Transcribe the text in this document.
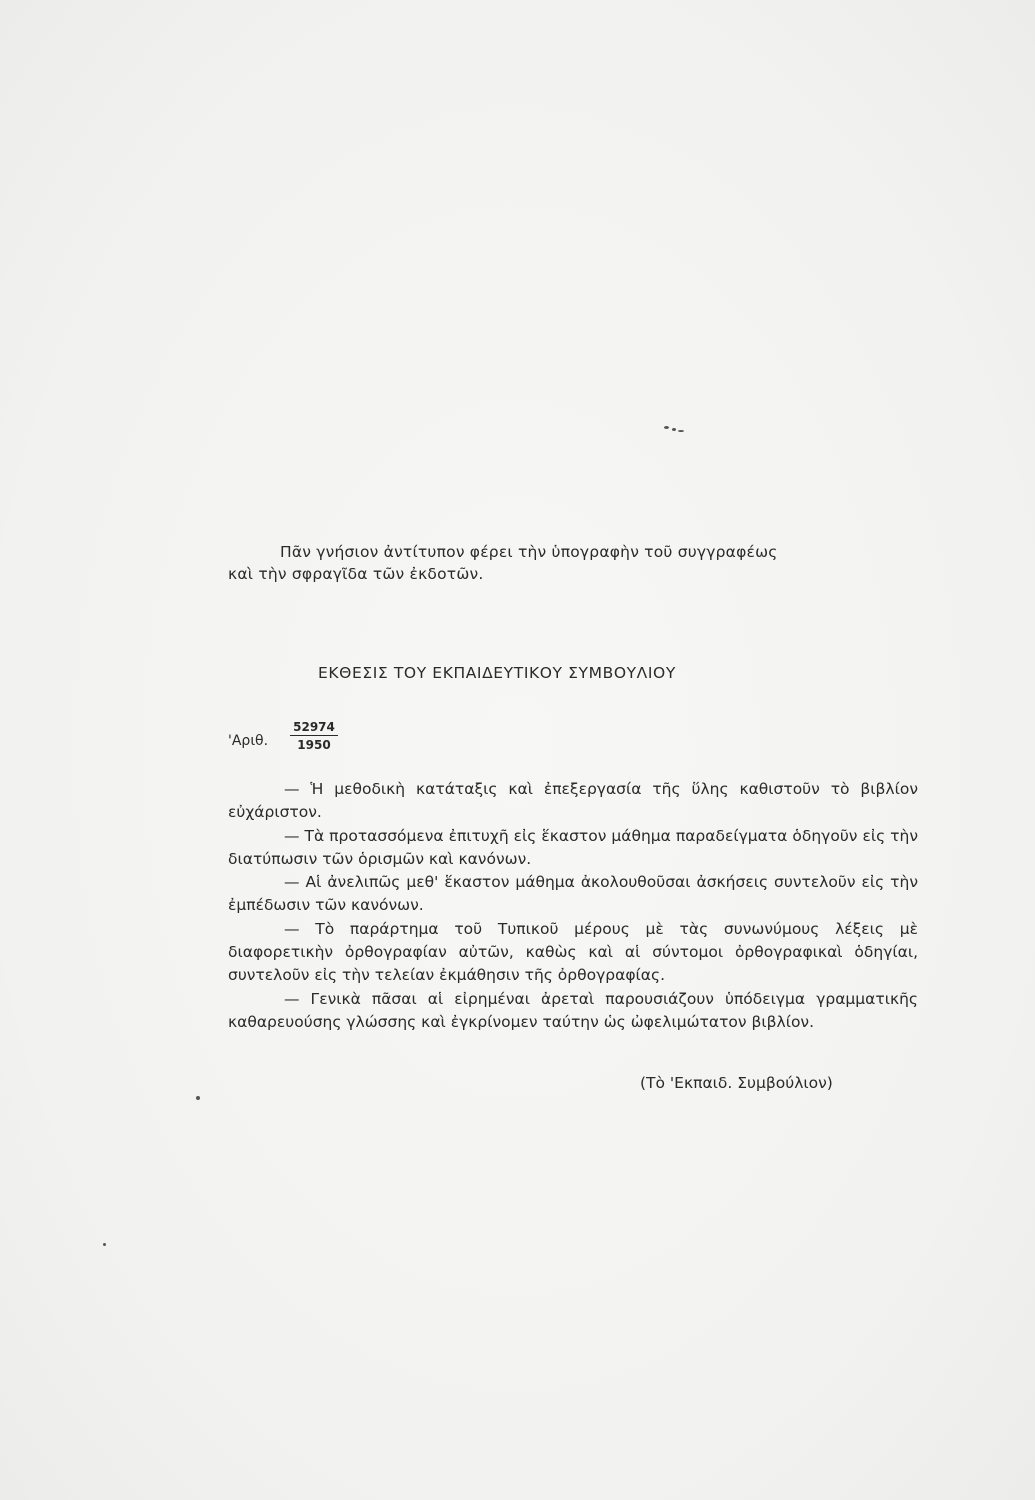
Πᾶν γνήσιον ἀντίτυπον φέρει τὴν ὑπογραφὴν τοῦ συγγραφέως
καὶ τὴν σφραγῖδα τῶν ἐκδοτῶν.
ΕΚΘΕΣΙΣ ΤΟΥ ΕΚΠΑΙΔΕΥΤΙΚΟΥ ΣΥΜΒΟΥΛΙΟΥ
'Αριθ. $\frac{52974}{1950}$

— Ἡ μεθοδικὴ κατάταξις καὶ ἐπεξεργασία τῆς ὕλης καθιστοῦν τὸ βιβλίον εὐχάριστον.

— Τὰ προτασσόμενα ἐπιτυχῆ εἰς ἕκαστον μάθημα παραδείγματα ὁδηγοῦν εἰς τὴν διατύπωσιν τῶν ὁρισμῶν καὶ κανόνων.

— Αἱ ἀνελιπῶς μεθ' ἕκαστον μάθημα ἀκολουθοῦσαι ἀσκήσεις συντελοῦν εἰς τὴν ἐμπέδωσιν τῶν κανόνων.

— Τὸ παράρτημα τοῦ Τυπικοῦ μέρους μὲ τὰς συνωνύμους λέξεις μὲ διαφορετικὴν ὀρθογραφίαν αὐτῶν, καθὼς καὶ αἱ σύντομοι ὀρθογραφικαὶ ὁδηγίαι, συντελοῦν εἰς τὴν τελείαν ἐκμάθησιν τῆς ὀρθογραφίας.

— Γενικὰ πᾶσαι αἱ εἰρημέναι ἀρεταὶ παρουσιάζουν ὑπόδειγμα γραμματικῆς καθαρευούσης γλώσσης καὶ ἐγκρίνομεν ταύτην ὡς ὠφελιμώτατον βιβλίον.

(Τὸ 'Εκπαιδ. Συμβούλιον)
